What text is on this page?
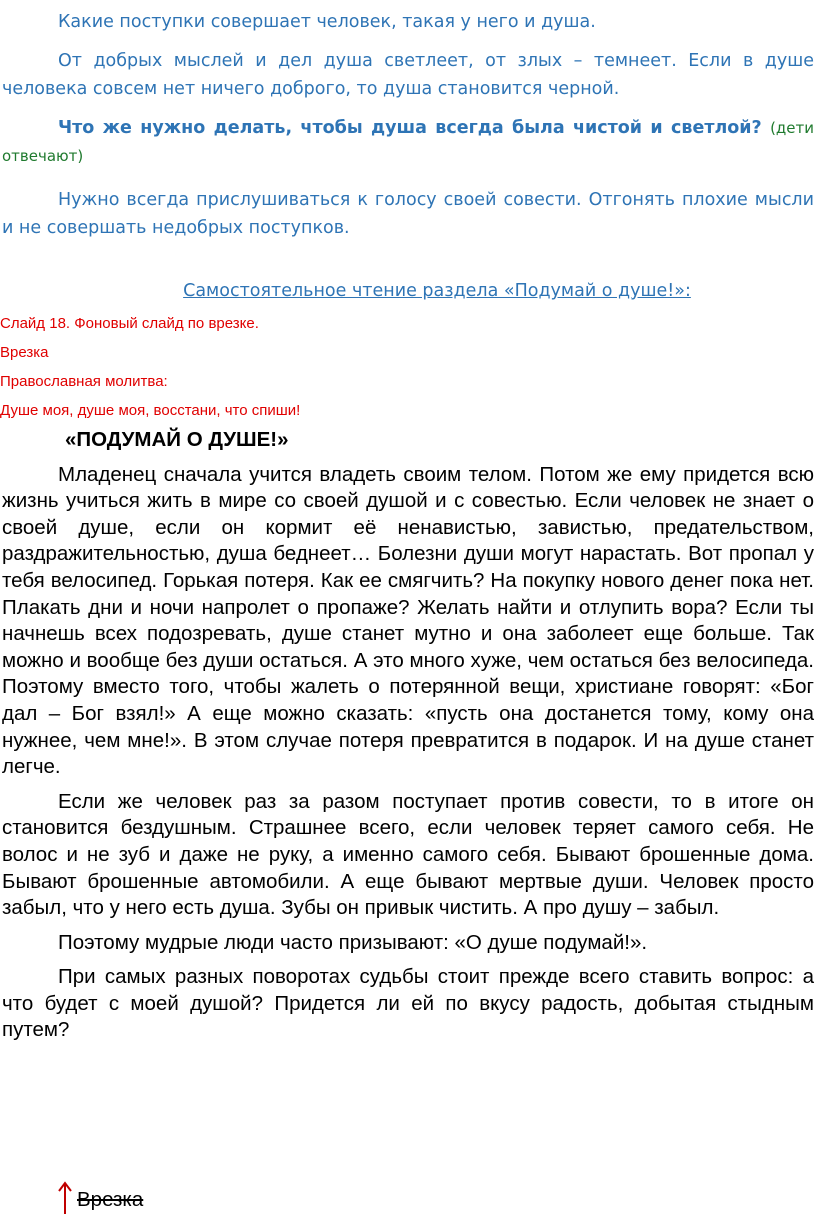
Какие поступки совершает человек, такая у него и душа.

От добрых мыслей и дел душа светлеет, от злых – темнеет. Если в душе человека совсем нет ничего доброго, то душа становится черной.

Что же нужно делать, чтобы душа всегда была чистой и светлой? (дети отвечают)

Нужно всегда прислушиваться к голосу своей совести. Отгонять плохие мысли и не совершать недобрых поступков.

Самостоятельное чтение раздела «Подумай о душе!»:

Слайд 18. Фоновый слайд по врезке.

Врезка

Православная молитва:

Душе моя, душе моя, восстани, что спиши!

«ПОДУМАЙ О ДУШЕ!»

Младенец сначала учится владеть своим телом. Потом же ему придется всю жизнь учиться жить в мире со своей душой и с совестью. Если человек не знает о своей душе, если он кормит её ненавистью, завистью, предательством, раздражительностью, душа беднеет… Болезни души могут нарастать. Вот пропал у тебя велосипед. Горькая потеря. Как ее смягчить? На покупку нового денег пока нет. Плакать дни и ночи напролет о пропаже? Желать найти и отлупить вора? Если ты начнешь всех подозревать, душе станет мутно и она заболеет еще больше. Так можно и вообще без души остаться. А это много хуже, чем остаться без велосипеда. Поэтому вместо того, чтобы жалеть о потерянной вещи, христиане говорят: «Бог дал – Бог взял!» А еще можно сказать: «пусть она достанется тому, кому она нужнее, чем мне!». В этом случае потеря превратится в подарок. И на душе станет легче.

Если же человек раз за разом поступает против совести, то в итоге он становится бездушным. Страшнее всего, если человек теряет самого себя. Не волос и не зуб и даже не руку, а именно самого себя. Бывают брошенные дома. Бывают брошенные автомобили. А еще бывают мертвые души. Человек просто забыл, что у него есть душа. Зубы он привык чистить. А про душу – забыл.

Поэтому мудрые люди часто призывают: «О душе подумай!».

При самых разных поворотах судьбы стоит прежде всего ставить вопрос: а что будет с моей душой? Придется ли ей по вкусу радость, добытая стыдным путем?

Врезка
